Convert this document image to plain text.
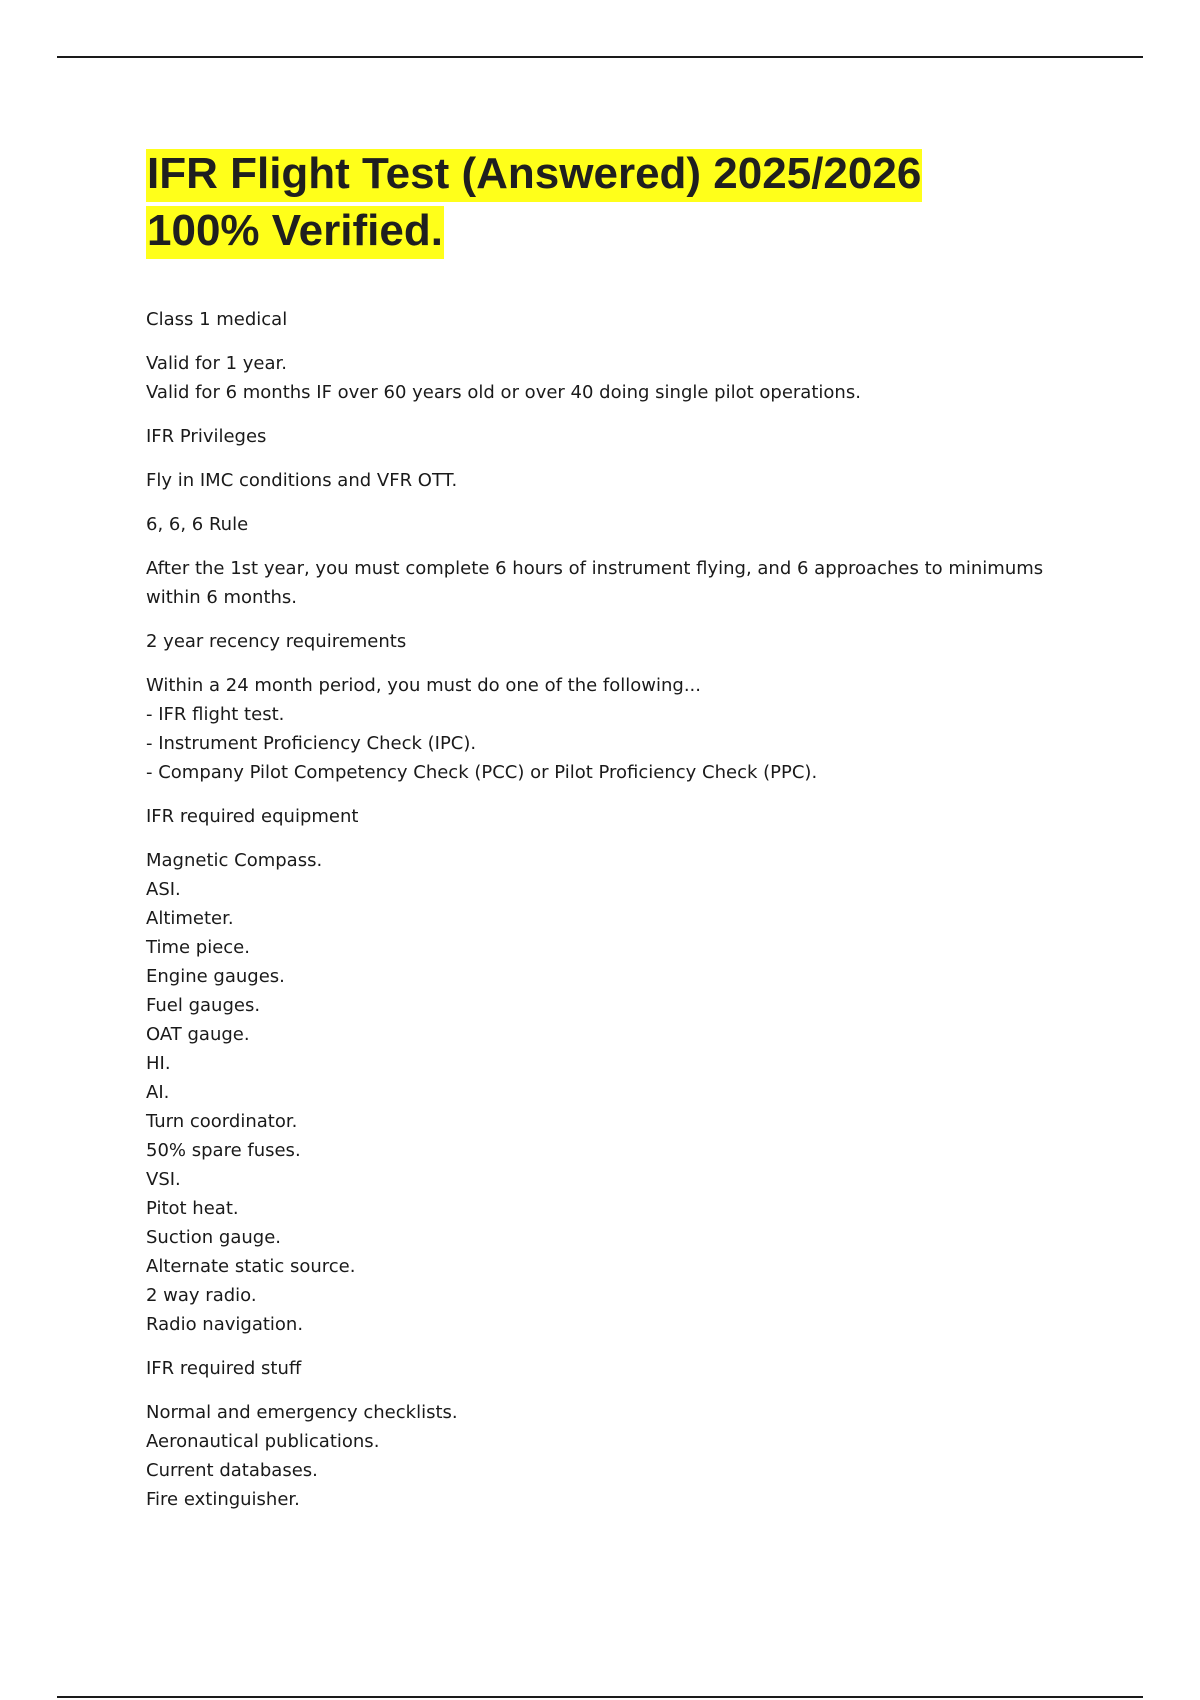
IFR Flight Test (Answered) 2025/2026
100% Verified.

Class 1 medical

Valid for 1 year.

Valid for 6 months IF over 60 years old or over 40 doing single pilot operations.

IFR Privileges

Fly in IMC conditions and VFR OTT.

6, 6, 6 Rule

After the 1st year, you must complete 6 hours of instrument flying, and 6 approaches to minimums within 6 months.

2 year recency requirements

Within a 24 month period, you must do one of the following...

- IFR flight test.

- Instrument Proficiency Check (IPC).

- Company Pilot Competency Check (PCC) or Pilot Proficiency Check (PPC).

IFR required equipment

Magnetic Compass.

ASI.

Altimeter.

Time piece.

Engine gauges.

Fuel gauges.

OAT gauge.

HI.

AI.

Turn coordinator.

50% spare fuses.

VSI.

Pitot heat.

Suction gauge.

Alternate static source.

2 way radio.

Radio navigation.

IFR required stuff

Normal and emergency checklists.

Aeronautical publications.

Current databases.

Fire extinguisher.
